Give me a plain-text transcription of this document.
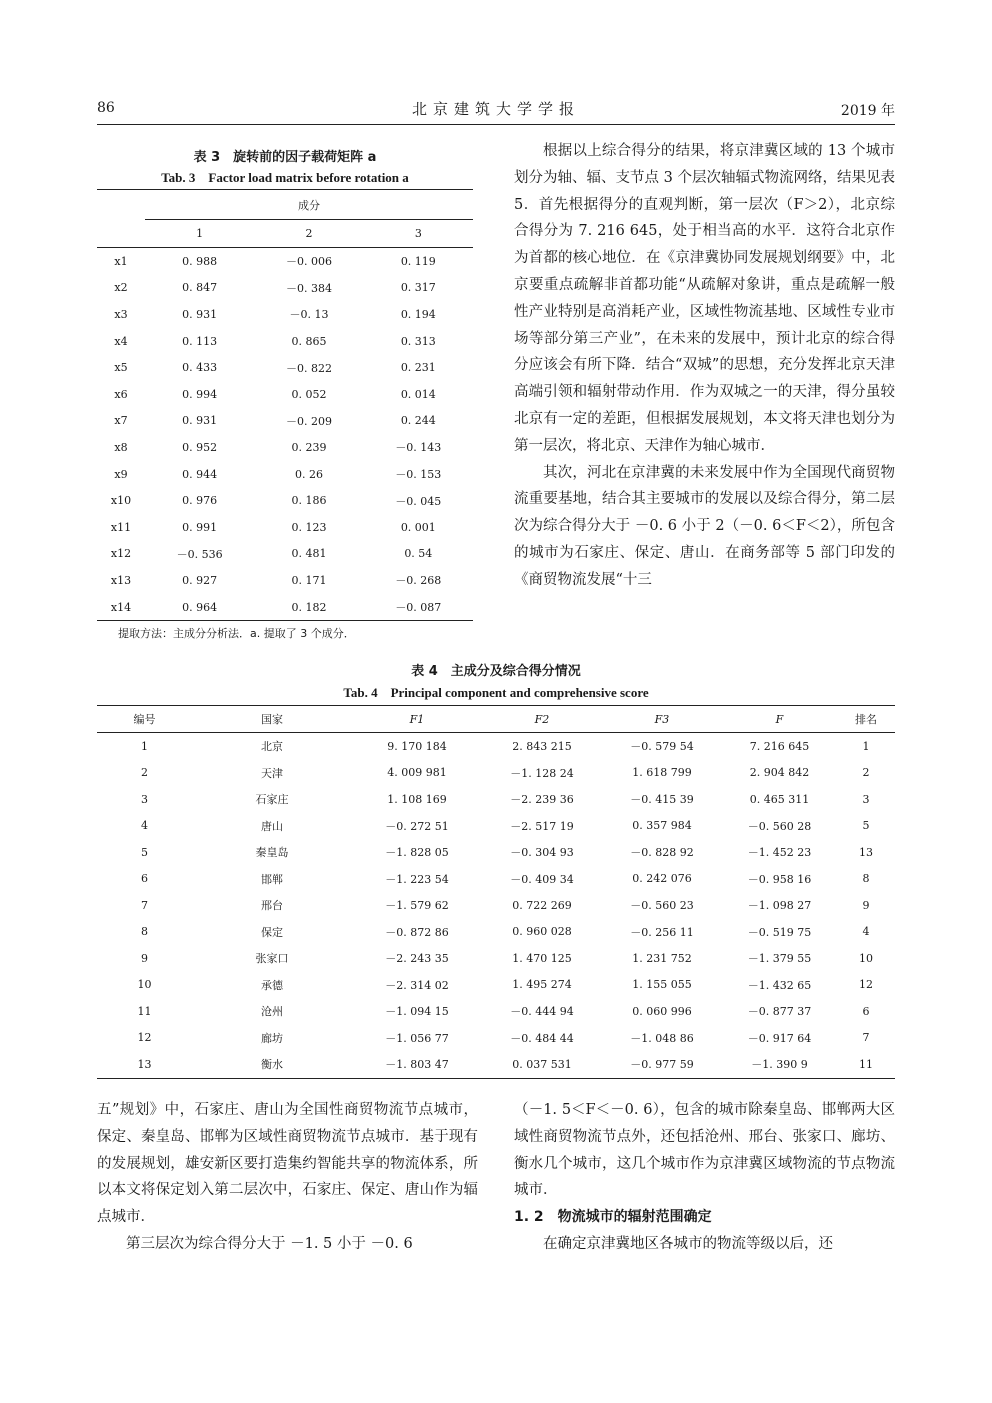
86	北京建筑大学学报	2019 年
表 3　旋转前的因子载荷矩阵 a
Tab. 3　Factor load matrix before rotation a
	成分		
	1	2	3
x1	0. 988	－0. 006	0. 119
x2	0. 847	－0. 384	0. 317
x3	0. 931	－0. 13	0. 194
x4	0. 113	0. 865	0. 313
x5	0. 433	－0. 822	0. 231
x6	0. 994	0. 052	0. 014
x7	0. 931	－0. 209	0. 244
x8	0. 952	0. 239	－0. 143
x9	0. 944	0. 26	－0. 153
x10	0. 976	0. 186	－0. 045
x11	0. 991	0. 123	0. 001
x12	－0. 536	0. 481	0. 54
x13	0. 927	0. 171	－0. 268
x14	0. 964	0. 182	－0. 087
提取方法：主成分分析法．a. 提取了 3 个成分．
根据以上综合得分的结果，将京津冀区域的 13 个城市划分为轴、辐、支节点 3 个层次轴辐式物流网络，结果见表 5．首先根据得分的直观判断，第一层次（F＞2），北京综合得分为 7. 216 645，处于相当高的水平．这符合北京作为首都的核心地位．在《京津冀协同发展规划纲要》中，北京要重点疏解非首都功能“从疏解对象讲，重点是疏解一般性产业特别是高消耗产业，区域性物流基地、区域性专业市场等部分第三产业”，在未来的发展中，预计北京的综合得分应该会有所下降．结合“双城”的思想，充分发挥北京天津高端引领和辐射带动作用．作为双城之一的天津，得分虽较北京有一定的差距，但根据发展规划，本文将天津也划分为第一层次，将北京、天津作为轴心城市．
其次，河北在京津冀的未来发展中作为全国现代商贸物流重要基地，结合其主要城市的发展以及综合得分，第二层次为综合得分大于 －0. 6 小于 2（－0. 6＜F＜2），所包含的城市为石家庄、保定、唐山．在商务部等 5 部门印发的《商贸物流发展“十三
表 4　主成分及综合得分情况
Tab. 4　Principal component and comprehensive score
编号	国家	F1	F2	F3	F	排名
1	北京	9. 170 184	2. 843 215	－0. 579 54	7. 216 645	1
2	天津	4. 009 981	－1. 128 24	1. 618 799	2. 904 842	2
3	石家庄	1. 108 169	－2. 239 36	－0. 415 39	0. 465 311	3
4	唐山	－0. 272 51	－2. 517 19	0. 357 984	－0. 560 28	5
5	秦皇岛	－1. 828 05	－0. 304 93	－0. 828 92	－1. 452 23	13
6	邯郸	－1. 223 54	－0. 409 34	0. 242 076	－0. 958 16	8
7	邢台	－1. 579 62	0. 722 269	－0. 560 23	－1. 098 27	9
8	保定	－0. 872 86	0. 960 028	－0. 256 11	－0. 519 75	4
9	张家口	－2. 243 35	1. 470 125	1. 231 752	－1. 379 55	10
10	承德	－2. 314 02	1. 495 274	1. 155 055	－1. 432 65	12
11	沧州	－1. 094 15	－0. 444 94	0. 060 996	－0. 877 37	6
12	廊坊	－1. 056 77	－0. 484 44	－1. 048 86	－0. 917 64	7
13	衡水	－1. 803 47	0. 037 531	－0. 977 59	－1. 390 9	11
五”规划》中，石家庄、唐山为全国性商贸物流节点城市，保定、秦皇岛、邯郸为区域性商贸物流节点城市．基于现有的发展规划，雄安新区要打造集约智能共享的物流体系，所以本文将保定划入第二层次中，石家庄、保定、唐山作为辐点城市．
第三层次为综合得分大于 －1. 5 小于 －0. 6
（－1. 5＜F＜－0. 6），包含的城市除秦皇岛、邯郸两大区域性商贸物流节点外，还包括沧州、邢台、张家口、廊坊、衡水几个城市，这几个城市作为京津冀区域物流的节点物流城市．
1. 2　物流城市的辐射范围确定
在确定京津冀地区各城市的物流等级以后，还
